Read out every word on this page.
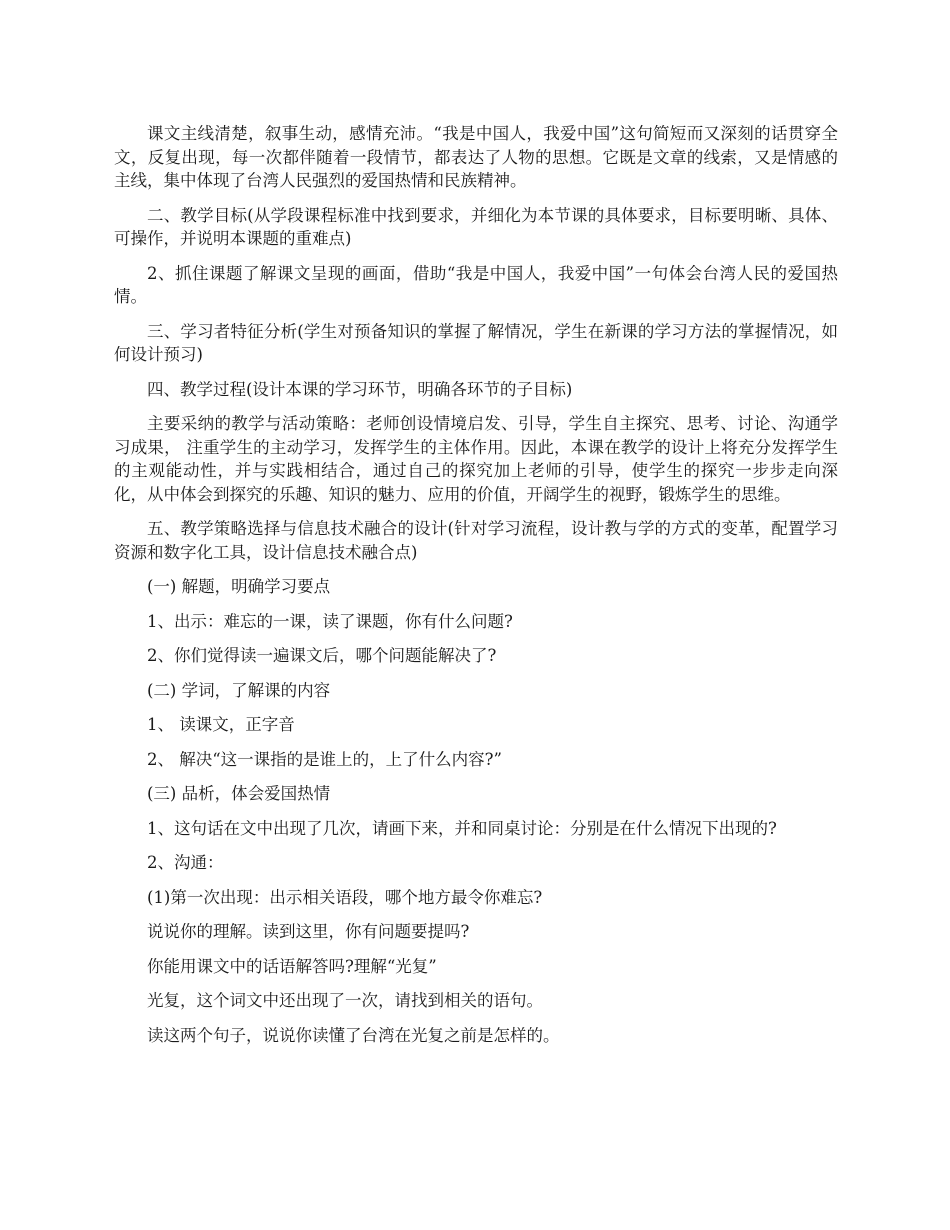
课文主线清楚，叙事生动，感情充沛。“我是中国人，我爱中国”这句简短而又深刻的话贯穿全文，反复出现，每一次都伴随着一段情节，都表达了人物的思想。它既是文章的线索，又是情感的主线，集中体现了台湾人民强烈的爱国热情和民族精神。

二、教学目标(从学段课程标准中找到要求，并细化为本节课的具体要求，目标要明晰、具体、可操作，并说明本课题的重难点)

2、抓住课题了解课文呈现的画面，借助“我是中国人，我爱中国”一句体会台湾人民的爱国热情。

三、学习者特征分析(学生对预备知识的掌握了解情况，学生在新课的学习方法的掌握情况，如何设计预习)

四、教学过程(设计本课的学习环节，明确各环节的子目标)

主要采纳的教学与活动策略：老师创设情境启发、引导，学生自主探究、思考、讨论、沟通学习成果， 注重学生的主动学习，发挥学生的主体作用。因此，本课在教学的设计上将充分发挥学生的主观能动性，并与实践相结合，通过自己的探究加上老师的引导，使学生的探究一步步走向深化，从中体会到探究的乐趣、知识的魅力、应用的价值，开阔学生的视野，锻炼学生的思维。

五、教学策略选择与信息技术融合的设计(针对学习流程，设计教与学的方式的变革，配置学习资源和数字化工具，设计信息技术融合点)

(一) 解题，明确学习要点

1、出示：难忘的一课，读了课题，你有什么问题?

2、你们觉得读一遍课文后，哪个问题能解决了?

(二) 学词，了解课的内容

1、 读课文，正字音

2、 解决“这一课指的是谁上的，上了什么内容?”

(三) 品析，体会爱国热情

1、这句话在文中出现了几次，请画下来，并和同桌讨论：分别是在什么情况下出现的?

2、沟通：

(1)第一次出现：出示相关语段，哪个地方最令你难忘?

说说你的理解。读到这里，你有问题要提吗?

你能用课文中的话语解答吗?理解“光复”

光复，这个词文中还出现了一次，请找到相关的语句。

读这两个句子，说说你读懂了台湾在光复之前是怎样的。
